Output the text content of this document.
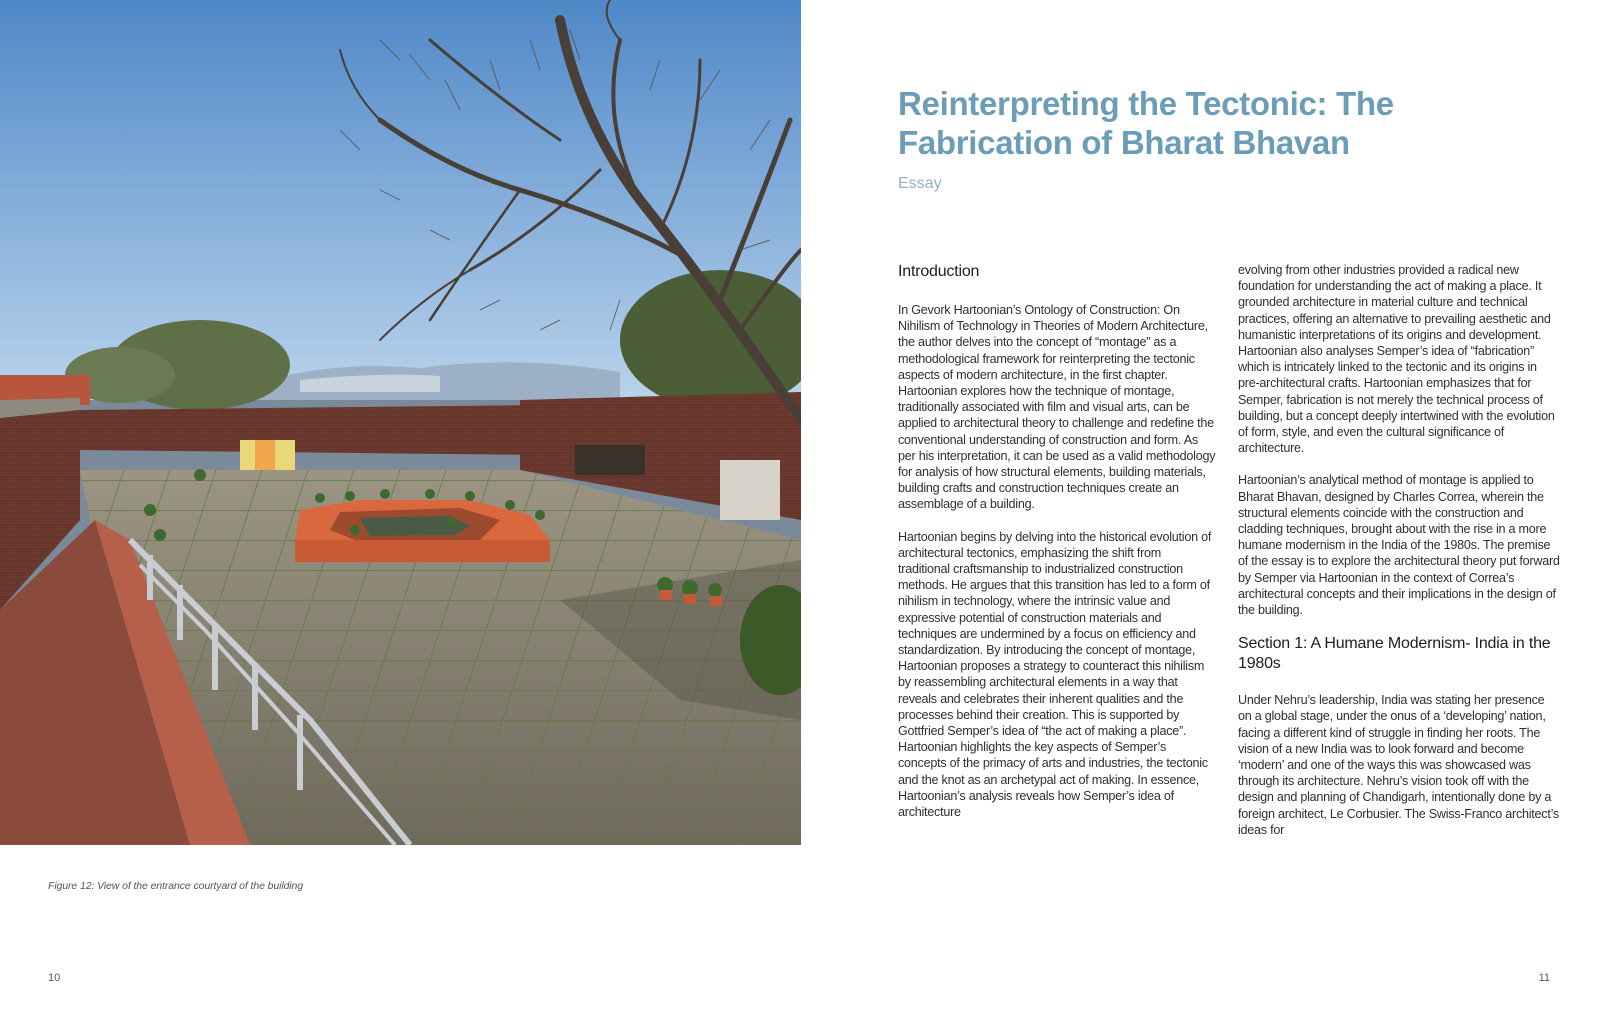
Figure 12: View of the entrance courtyard of the building
10
Reinterpreting the Tectonic: The Fabrication of Bharat Bhavan
Essay
Introduction

In Gevork Hartoonian’s Ontology of Construction: On Nihilism of Technology in Theories of Modern Architecture, the author delves into the concept of “montage” as a methodological framework for reinterpreting the tectonic aspects of modern architecture, in the first chapter. Hartoonian explores how the technique of montage, traditionally associated with film and visual arts, can be applied to architectural theory to challenge and redefine the conventional understanding of construction and form. As per his interpretation, it can be used as a valid methodology for analysis of how structural elements, building materials, building crafts and construction techniques create an assemblage of a building.

Hartoonian begins by delving into the historical evolution of architectural tectonics, emphasizing the shift from traditional craftsmanship to industrialized construction methods. He argues that this transition has led to a form of nihilism in technology, where the intrinsic value and expressive potential of construction materials and techniques are undermined by a focus on efficiency and standardization. By introducing the concept of montage, Hartoonian proposes a strategy to counteract this nihilism by reassembling architectural elements in a way that reveals and celebrates their inherent qualities and the processes behind their creation. This is supported by Gottfried Semper’s idea of “the act of making a place”. Hartoonian highlights the key aspects of Semper’s concepts of the primacy of arts and industries, the tectonic and the knot as an archetypal act of making. In essence, Hartoonian’s analysis reveals how Semper’s idea of architecture

evolving from other industries provided a radical new foundation for understanding the act of making a place. It grounded architecture in material culture and technical practices, offering an alternative to prevailing aesthetic and humanistic interpretations of its origins and development. Hartoonian also analyses Semper’s idea of “fabrication” which is intricately linked to the tectonic and its origins in pre-architectural crafts. Hartoonian emphasizes that for Semper, fabrication is not merely the technical process of building, but a concept deeply intertwined with the evolution of form, style, and even the cultural significance of architecture.

Hartoonian’s analytical method of montage is applied to Bharat Bhavan, designed by Charles Correa, wherein the structural elements coincide with the construction and cladding techniques, brought about with the rise in a more humane modernism in the India of the 1980s. The premise of the essay is to explore the architectural theory put forward by Semper via Hartoonian in the context of Correa’s architectural concepts and their implications in the design of the building.

Section 1: A Humane Modernism- India in the 1980s

Under Nehru’s leadership, India was stating her presence on a global stage, under the onus of a ‘developing’ nation, facing a different kind of struggle in finding her roots. The vision of a new India was to look forward and become ‘modern’ and one of the ways this was showcased was through its architecture. Nehru’s vision took off with the design and planning of Chandigarh, intentionally done by a foreign architect, Le Corbusier. The Swiss-Franco architect’s ideas for

11
